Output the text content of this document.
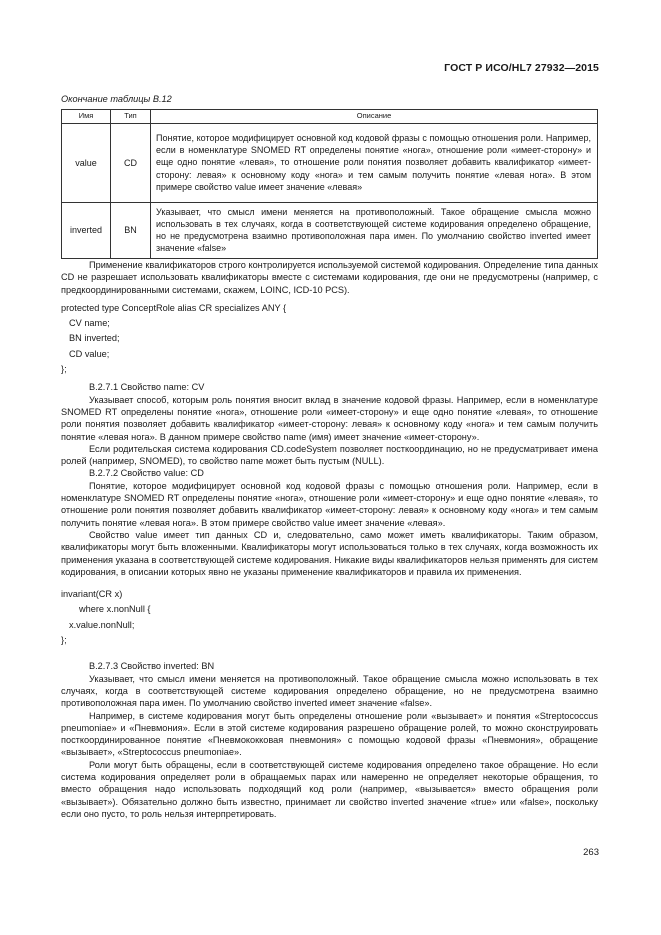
ГОСТ Р ИСО/HL7 27932—2015
Окончание таблицы В.12
Имя	Тип	Описание
value	CD	Понятие, которое модифицирует основной код кодовой фразы с помощью отношения роли. Например, если в номенклатуре SNOMED RT определены понятие «нога», отношение роли «имеет-сторону» и еще одно понятие «левая», то отношение роли понятия позволяет добавить квалификатор «имеет-сторону: левая» к основному коду «нога» и тем самым получить понятие «левая нога». В этом примере свойство value имеет значение «левая»
inverted	BN	Указывает, что смысл имени меняется на противоположный. Такое обращение смысла можно использовать в тех случаях, когда в соответствующей системе кодирования определено обращение, но не предусмотрена взаимно противоположная пара имен. По умолчанию свойство inverted имеет значение «false»

Применение квалификаторов строго контролируется используемой системой кодирования. Определение типа данных CD не разрешает использовать квалификаторы вместе с системами кодирования, где они не предусмотрены (например, с предкоординированными системами, скажем, LOINC, ICD-10 PCS).

protected type ConceptRole alias CR specializes ANY {

CV name;

BN inverted;

CD value;

};

В.2.7.1 Свойство name: CV

Указывает способ, которым роль понятия вносит вклад в значение кодовой фразы. Например, если в номенклатуре SNOMED RT определены понятие «нога», отношение роли «имеет-сторону» и еще одно понятие «левая», то отношение роли понятия позволяет добавить квалификатор «имеет-сторону: левая» к основному коду «нога» и тем самым получить понятие «левая нога». В данном примере свойство name (имя) имеет значение «имеет-сторону».

Если родительская система кодирования CD.codeSystem позволяет посткоординацию, но не предусматривает имена ролей (например, SNOMED), то свойство name может быть пустым (NULL).

В.2.7.2 Свойство value: CD

Понятие, которое модифицирует основной код кодовой фразы с помощью отношения роли. Например, если в номенклатуре SNOMED RT определены понятие «нога», отношение роли «имеет-сторону» и еще одно понятие «левая», то отношение роли понятия позволяет добавить квалификатор «имеет-сторону: левая» к основному коду «нога» и тем самым получить понятие «левая нога». В этом примере свойство value имеет значение «левая».

Свойство value имеет тип данных CD и, следовательно, само может иметь квалификаторы. Таким образом, квалификаторы могут быть вложенными. Квалификаторы могут использоваться только в тех случаях, когда возможность их применения указана в соответствующей системе кодирования. Никакие виды квалификаторов нельзя применять для систем кодирования, в описании которых явно не указаны применение квалификаторов и правила их применения.

invariant(CR x)

where x.nonNull {

x.value.nonNull;

};

В.2.7.3 Свойство inverted: BN

Указывает, что смысл имени меняется на противоположный. Такое обращение смысла можно использовать в тех случаях, когда в соответствующей системе кодирования определено обращение, но не предусмотрена взаимно противоположная пара имен. По умолчанию свойство inverted имеет значение «false».

Например, в системе кодирования могут быть определены отношение роли «вызывает» и понятия «Streptococcus pneumoniae» и «Пневмония». Если в этой системе кодирования разрешено обращение ролей, то можно сконструировать посткоординированное понятие «Пневмококковая пневмония» с помощью кодовой фразы «Пневмония», обращение «вызывает», «Streptococcus pneumoniae».

Роли могут быть обращены, если в соответствующей системе кодирования определено такое обращение. Но если система кодирования определяет роли в обращаемых парах или намеренно не определяет некоторые обращения, то вместо обращения надо использовать подходящий код роли (например, «вызывается» вместо обращения роли «вызывает»). Обязательно должно быть известно, принимает ли свойство inverted значение «true» или «false», поскольку если оно пусто, то роль нельзя интерпретировать.

263
